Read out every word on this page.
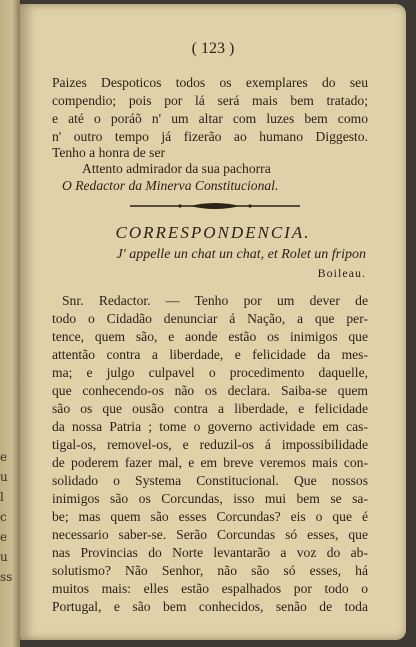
e
u
l
c
e
u
ss
( 123 )
Paizes Despoticos todos os exemplares do seu
compendio; pois por lá será mais bem tratado;
e até o poráõ n' um altar com luzes bem como
n' outro tempo já fizerão ao humano Diggesto.
Tenho a honra de ser
Attento admirador da sua pachorra
O Redactor da Minerva Constitucional.
CORRESPONDENCIA.
J' appelle un chat un chat, et Rolet un fripon
Boileau.
Snr. Redactor. — Tenho por um dever de
todo o Cidadão denunciar á Nação, a que per-
tence, quem são, e aonde estão os inimigos que
attentão contra a liberdade, e felicidade da mes-
ma; e julgo culpavel o procedimento daquelle,
que conhecendo-os não os declara. Saiba-se quem
são os que ousão contra a liberdade, e felicidade
da nossa Patria ; tome o governo actividade em cas-
tigal-os, removel-os, e reduzil-os á impossibilidade
de poderem fazer mal, e em breve veremos mais con-
solidado o Systema Constitucional. Que nossos
inimigos são os Corcundas, isso mui bem se sa-
be; mas quem são esses Corcundas? eis o que é
necessario saber-se. Serão Corcundas só esses, que
nas Provincias do Norte levantarão a voz do ab-
solutismo? Não Senhor, não são só esses, há
muitos mais: elles estão espalhados por todo o
Portugal, e são bem conhecidos, senão de toda
